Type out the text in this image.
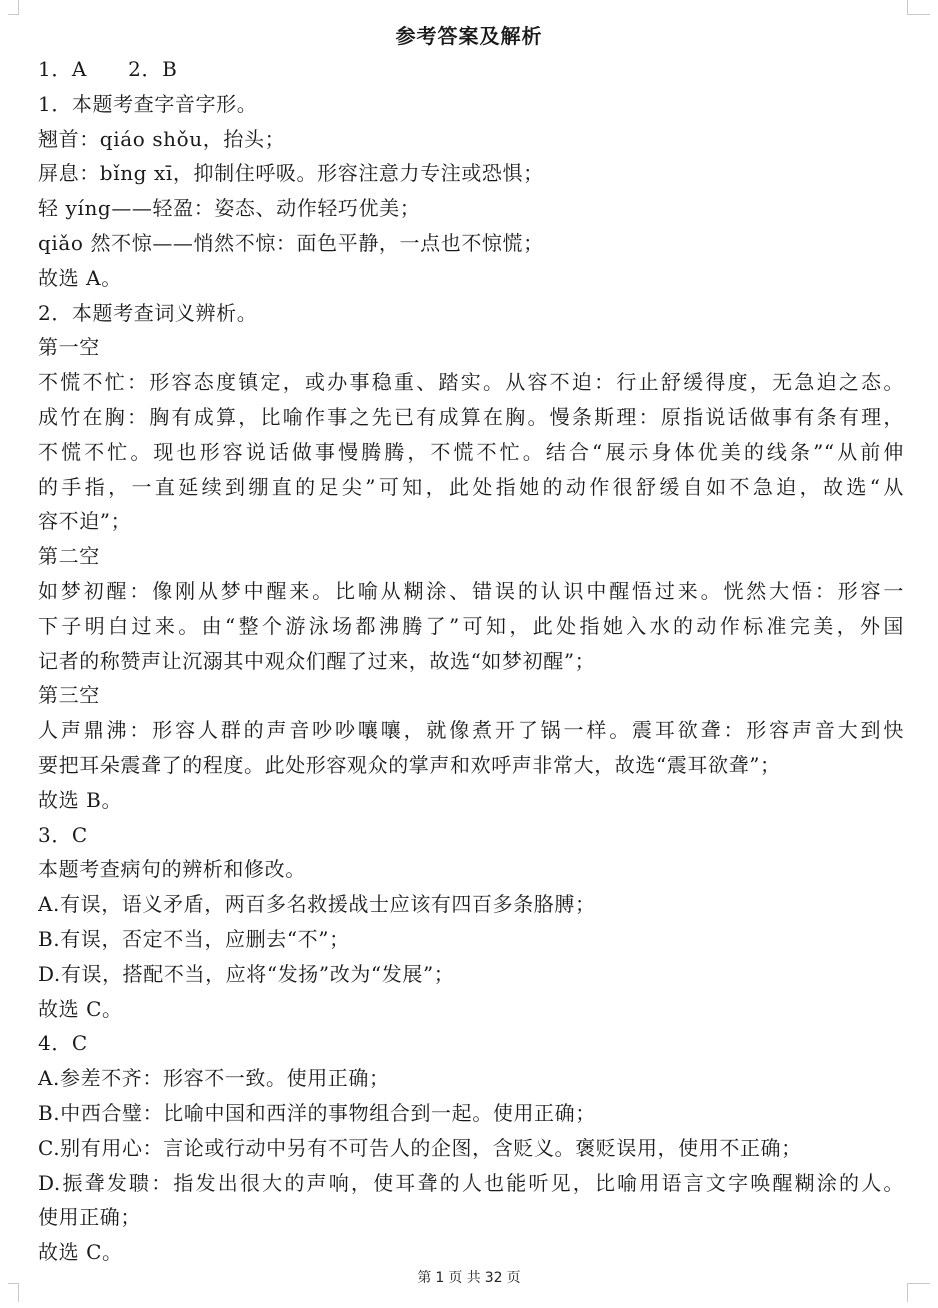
参考答案及解析
1．A　　2．B
1．本题考查字音字形。
翘首：qiáo shǒu，抬头；
屏息：bǐng xī，抑制住呼吸。形容注意力专注或恐惧；
轻 yíng——轻盈：姿态、动作轻巧优美；
qiǎo 然不惊——悄然不惊：面色平静，一点也不惊慌；
故选 A。
2．本题考查词义辨析。
第一空
不慌不忙：形容态度镇定，或办事稳重、踏实。从容不迫：行止舒缓得度，无急迫之态。
成竹在胸：胸有成算，比喻作事之先已有成算在胸。慢条斯理：原指说话做事有条有理，
不慌不忙。现也形容说话做事慢腾腾，不慌不忙。结合“展示身体优美的线条”“从前伸
的手指，一直延续到绷直的足尖”可知，此处指她的动作很舒缓自如不急迫，故选“从
容不迫”；
第二空
如梦初醒：像刚从梦中醒来。比喻从糊涂、错误的认识中醒悟过来。恍然大悟：形容一
下子明白过来。由“整个游泳场都沸腾了”可知，此处指她入水的动作标准完美，外国
记者的称赞声让沉溺其中观众们醒了过来，故选“如梦初醒”；
第三空
人声鼎沸：形容人群的声音吵吵嚷嚷，就像煮开了锅一样。震耳欲聋：形容声音大到快
要把耳朵震聋了的程度。此处形容观众的掌声和欢呼声非常大，故选“震耳欲聋”；
故选 B。
3．C
本题考查病句的辨析和修改。
A.有误，语义矛盾，两百多名救援战士应该有四百多条胳膊；
B.有误，否定不当，应删去“不”；
D.有误，搭配不当，应将“发扬”改为“发展”；
故选 C。
4．C
A.参差不齐：形容不一致。使用正确；
B.中西合璧：比喻中国和西洋的事物组合到一起。使用正确；
C.别有用心：言论或行动中另有不可告人的企图，含贬义。褒贬误用，使用不正确；
D.振聋发聩：指发出很大的声响，使耳聋的人也能听见，比喻用语言文字唤醒糊涂的人。
使用正确；
故选 C。
第 1 页 共 32 页
